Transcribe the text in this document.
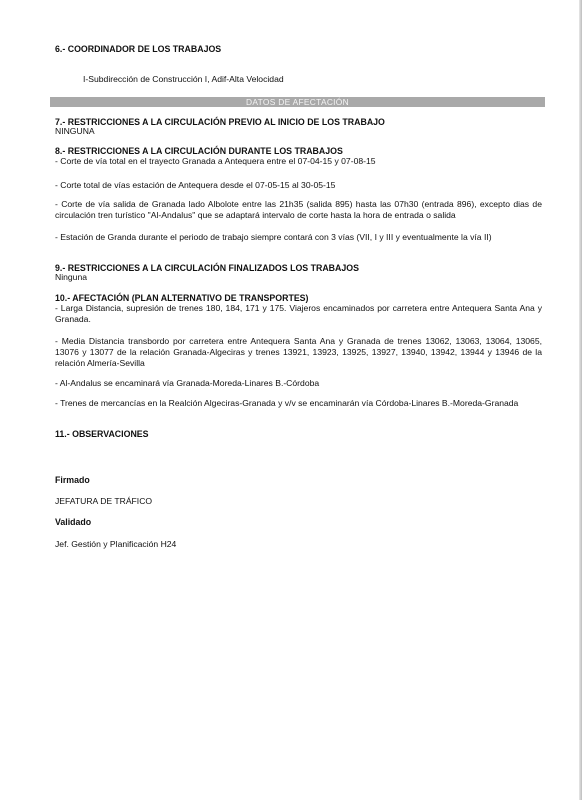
6.- COORDINADOR DE LOS TRABAJOS
I-Subdirección de Construcción I, Adif-Alta Velocidad
DATOS DE AFECTACIÓN
7.- RESTRICCIONES A LA CIRCULACIÓN PREVIO AL INICIO DE LOS TRABAJO
NINGUNA
8.- RESTRICCIONES A LA CIRCULACIÓN DURANTE LOS TRABAJOS
- Corte de vía total en el trayecto Granada a Antequera entre el 07-04-15 y 07-08-15
- Corte total de vías estación de Antequera desde el 07-05-15 al 30-05-15
- Corte de vía salida de Granada lado Albolote entre las 21h35 (salida 895) hasta las 07h30 (entrada 896), excepto dias de circulación tren turístico "Al-Andalus" que se adaptará intervalo de corte hasta la hora de entrada o salida
- Estación de Granda durante el periodo de trabajo siempre contará con 3 vías (VII, I y III y eventualmente la vía II)
9.- RESTRICCIONES A LA CIRCULACIÓN FINALIZADOS LOS TRABAJOS
Ninguna
10.- AFECTACIÓN (PLAN ALTERNATIVO DE TRANSPORTES)
- Larga Distancia, supresión de trenes 180, 184, 171 y 175. Viajeros encaminados por carretera entre Antequera Santa Ana y Granada.
- Media Distancia transbordo por carretera entre Antequera Santa Ana y Granada de trenes 13062, 13063, 13064, 13065, 13076 y 13077 de la relación Granada-Algeciras y trenes 13921, 13923, 13925, 13927, 13940, 13942, 13944 y 13946 de la relación Almería-Sevilla
- Al-Andalus se encaminará vía Granada-Moreda-Linares B.-Córdoba
- Trenes de mercancías en la Realción Algeciras-Granada y v/v se encaminarán vía Córdoba-Linares B.-Moreda-Granada
11.- OBSERVACIONES
Firmado
JEFATURA DE TRÁFICO
Validado
Jef. Gestión y Planificación H24
